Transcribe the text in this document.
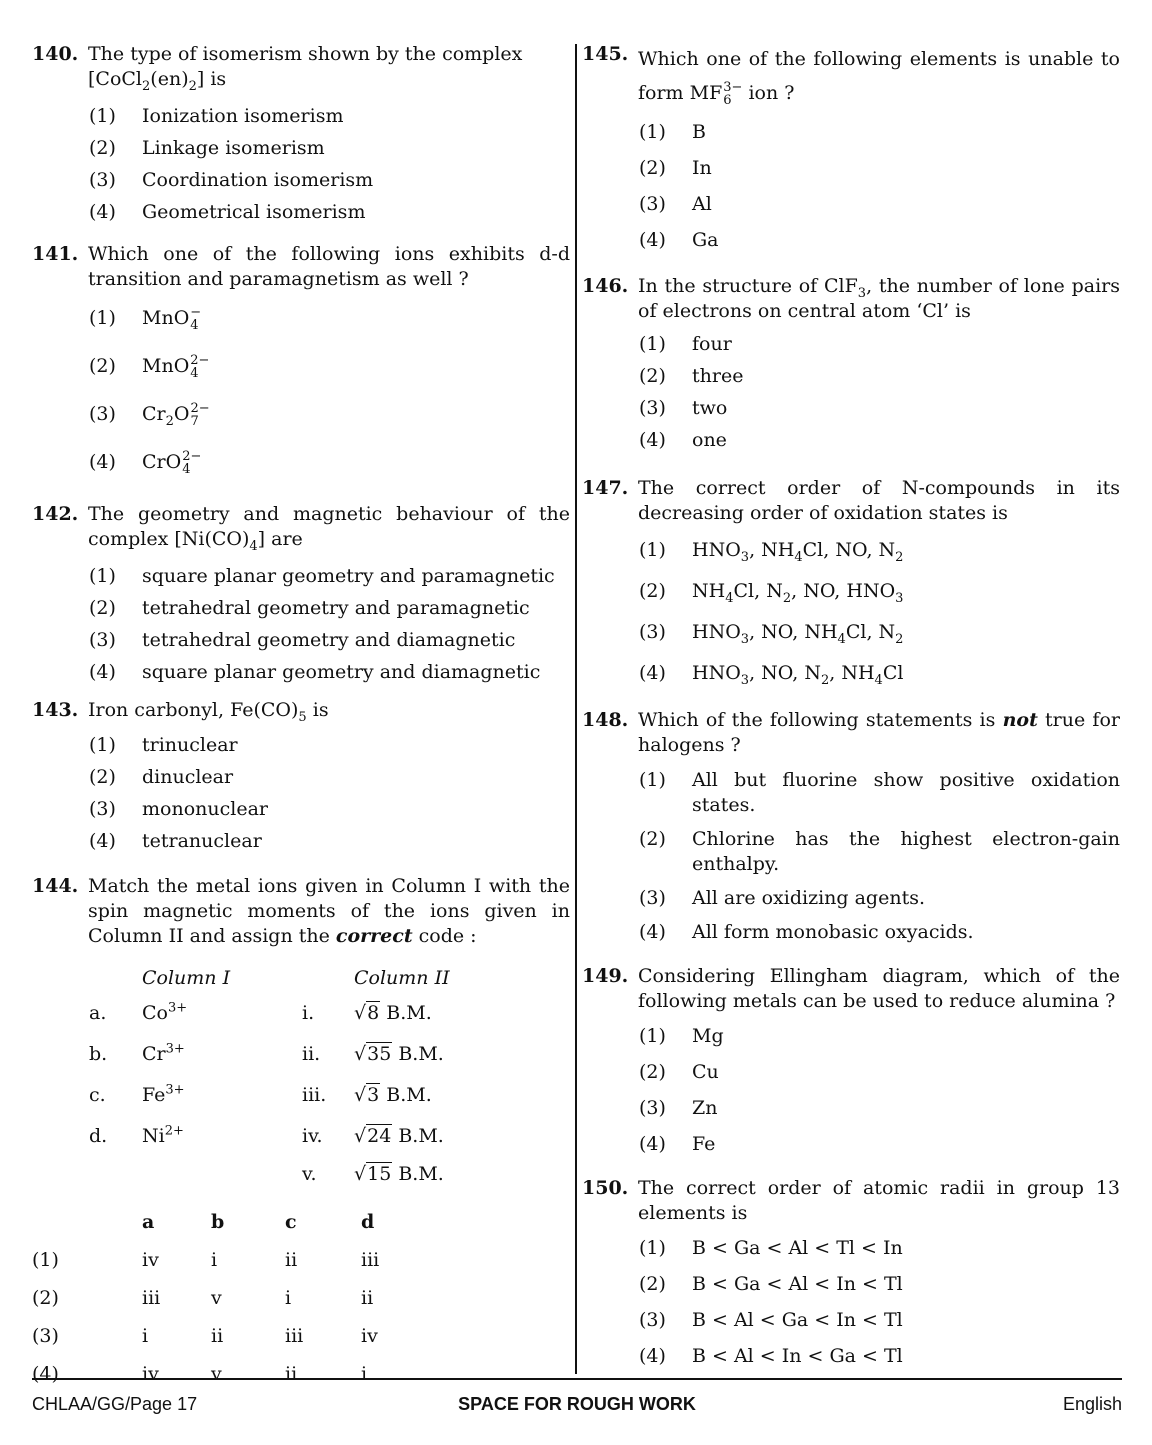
140. The type of isomerism shown by the complex
$[CoCl_2(en)_2]$ is
(1)	Ionization isomerism
(2)	Linkage isomerism
(3)	Coordination isomerism
(4)	Geometrical isomerism
141. Which one of the following ions exhibits d-d transition and paramagnetism as well ?
(1)	MnO −
4
(2)	MnO 2−
4
(3)	$Cr_2O$ 2−
7
(4)	CrO 2−
4
142. The geometry and magnetic behaviour of the complex $[Ni(CO)_4]$ are
(1)	square planar geometry and paramagnetic
(2)	tetrahedral geometry and paramagnetic
(3)	tetrahedral geometry and diamagnetic
(4)	square planar geometry and diamagnetic
143. Iron carbonyl, $Fe(CO)_5$ is
(1)	trinuclear
(2)	dinuclear
(3)	mononuclear
(4)	tetranuclear
144. Match the metal ions given in Column I with the spin magnetic moments of the ions given in Column II and assign the correct code :
Column I	Column II
a.	$Co^{3+}$	i.	√8 B.M.
b.	$Cr^{3+}$	ii.	√35 B.M.
c.	$Fe^{3+}$	iii.	√3 B.M.
d.	$Ni^{2+}$	iv.	√24 B.M.
v.	√15 B.M.
a	b	c	d
(1)	iv	i	ii	iii
(2)	iii	v	i	ii
(3)	i	ii	iii	iv
(4)	iv	v	ii	i
145. Which one of the following elements is unable to form MF 3−
6 ion ?
(1)	B
(2)	In
(3)	Al
(4)	Ga
146. In the structure of ClF$_3$, the number of lone pairs of electrons on central atom ‘Cl’ is
(1)	four
(2)	three
(3)	two
(4)	one
147. The correct order of N-compounds in its decreasing order of oxidation states is
(1)	$HNO_3$, $NH_4Cl$, NO, $N_2$
(2)	$NH_4Cl$, $N_2$, NO, $HNO_3$
(3)	$HNO_3$, NO, $NH_4Cl$, $N_2$
(4)	$HNO_3$, NO, $N_2$, $NH_4Cl$
148. Which of the following statements is not true for halogens ?
(1)	All but fluorine show positive oxidation states.
(2)	Chlorine has the highest electron-gain enthalpy.
(3)	All are oxidizing agents.
(4)	All form monobasic oxyacids.
149. Considering Ellingham diagram, which of the following metals can be used to reduce alumina ?
(1)	Mg
(2)	Cu
(3)	Zn
(4)	Fe
150. The correct order of atomic radii in group 13 elements is
(1)	B < Ga < Al < Tl < In
(2)	B < Ga < Al < In < Tl
(3)	B < Al < Ga < In < Tl
(4)	B < Al < In < Ga < Tl
SPACE FOR ROUGH WORK
CHLAA/GG/Page 17	English
